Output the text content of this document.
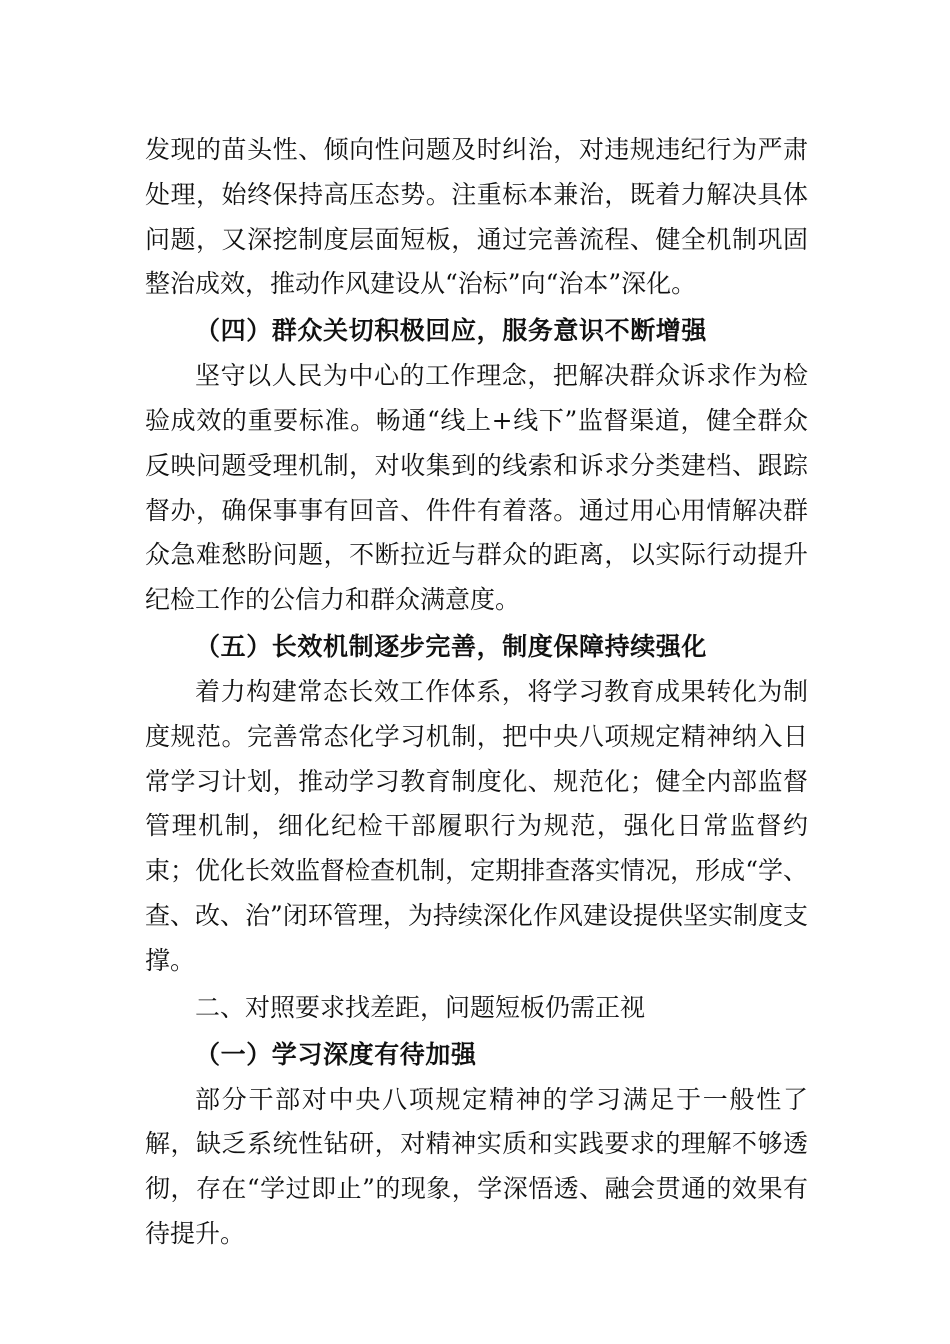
发现的苗头性、倾向性问题及时纠治，对违规违纪行为严肃处理，始终保持高压态势。注重标本兼治，既着力解决具体问题，又深挖制度层面短板，通过完善流程、健全机制巩固整治成效，推动作风建设从“治标”向“治本”深化。

（四）群众关切积极回应，服务意识不断增强

坚守以人民为中心的工作理念，把解决群众诉求作为检验成效的重要标准。畅通“线上+线下”监督渠道，健全群众反映问题受理机制，对收集到的线索和诉求分类建档、跟踪督办，确保事事有回音、件件有着落。通过用心用情解决群众急难愁盼问题，不断拉近与群众的距离，以实际行动提升纪检工作的公信力和群众满意度。

（五）长效机制逐步完善，制度保障持续强化

着力构建常态长效工作体系，将学习教育成果转化为制度规范。完善常态化学习机制，把中央八项规定精神纳入日常学习计划，推动学习教育制度化、规范化；健全内部监督管理机制，细化纪检干部履职行为规范，强化日常监督约束；优化长效监督检查机制，定期排查落实情况，形成“学、查、改、治”闭环管理，为持续深化作风建设提供坚实制度支撑。

二、对照要求找差距，问题短板仍需正视

（一）学习深度有待加强

部分干部对中央八项规定精神的学习满足于一般性了解，缺乏系统性钻研，对精神实质和实践要求的理解不够透彻，存在“学过即止”的现象，学深悟透、融会贯通的效果有待提升。
